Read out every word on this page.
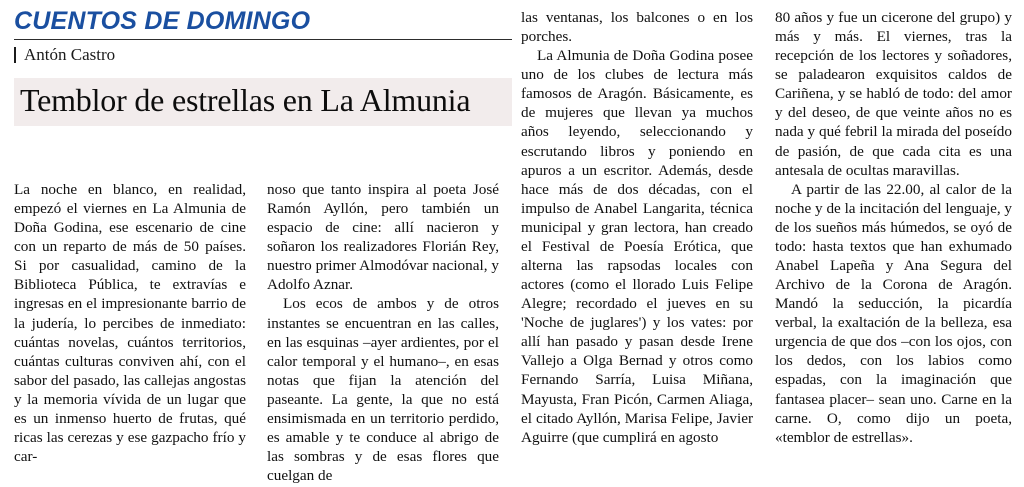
CUENTOS DE DOMINGO
Antón Castro
Temblor de estrellas en La Almunia

La noche en blanco, en realidad, empezó el viernes en La Almunia de Doña Godina, ese escenario de cine con un reparto de más de 50 países. Si por casualidad, camino de la Biblioteca Pública, te extravías e ingresas en el impresionante barrio de la judería, lo percibes de inmediato: cuántas novelas, cuántos territorios, cuántas culturas conviven ahí, con el sabor del pasado, las callejas angostas y la memoria vívida de un lugar que es un inmenso huerto de frutas, qué ricas las cerezas y ese gazpacho frío y car-

noso que tanto inspira al poeta José Ramón Ayllón, pero también un espacio de cine: allí nacieron y soñaron los realizadores Florián Rey, nuestro primer Almodóvar nacional, y Adolfo Aznar.

Los ecos de ambos y de otros instantes se encuentran en las calles, en las esquinas –ayer ardientes, por el calor temporal y el humano–, en esas notas que fijan la atención del paseante. La gente, la que no está ensimismada en un territorio perdido, es amable y te conduce al abrigo de las sombras y de esas flores que cuelgan de

las ventanas, los balcones o en los porches.

La Almunia de Doña Godina posee uno de los clubes de lectura más famosos de Aragón. Básicamente, es de mujeres que llevan ya muchos años leyendo, seleccionando y escrutando libros y poniendo en apuros a un escritor. Además, desde hace más de dos décadas, con el impulso de Anabel Langarita, técnica municipal y gran lectora, han creado el Festival de Poesía Erótica, que alterna las rapsodas locales con actores (como el llorado Luis Felipe Alegre; recordado el jueves en su 'Noche de juglares') y los vates: por allí han pasado y pasan desde Irene Vallejo a Olga Bernad y otros como Fernando Sarría, Luisa Miñana, Mayusta, Fran Picón, Carmen Aliaga, el citado Ayllón, Marisa Felipe, Javier Aguirre (que cumplirá en agosto

80 años y fue un cicerone del grupo) y más y más. El viernes, tras la recepción de los lectores y soñadores, se paladearon exquisitos caldos de Cariñena, y se habló de todo: del amor y del deseo, de que veinte años no es nada y qué febril la mirada del poseído de pasión, de que cada cita es una antesala de ocultas maravillas.

A partir de las 22.00, al calor de la noche y de la incitación del lenguaje, y de los sueños más húmedos, se oyó de todo: hasta textos que han exhumado Anabel Lapeña y Ana Segura del Archivo de la Corona de Aragón. Mandó la seducción, la picardía verbal, la exaltación de la belleza, esa urgencia de que dos –con los ojos, con los dedos, con los labios como espadas, con la imaginación que fantasea placer– sean uno. Carne en la carne. O, como dijo un poeta, «temblor de estrellas».
